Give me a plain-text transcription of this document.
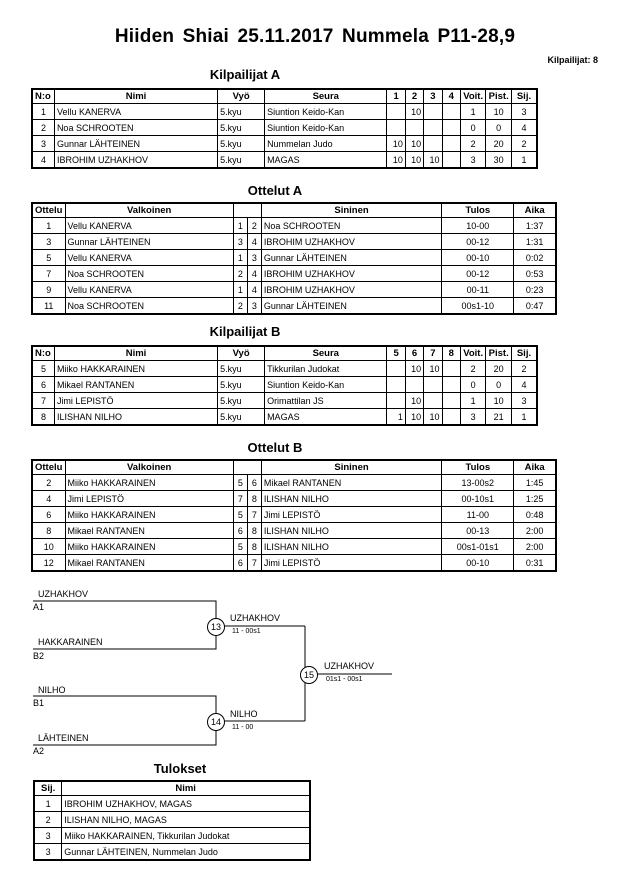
Hiiden Shiai 25.11.2017 Nummela P11-28,9
Kilpailijat: 8
Kilpailijat A
N:o	Nimi	Vyö	Seura	1	2	3	4	Voit.	Pist.	Sij.
1	Vellu KANERVA	5.kyu	Siuntion Keido-Kan		10			1	10	3
2	Noa SCHROOTEN	5.kyu	Siuntion Keido-Kan					0	0	4
3	Gunnar LÄHTEINEN	5.kyu	Nummelan Judo	10	10			2	20	2
4	IBROHIM UZHAKHOV	5.kyu	MAGAS	10	10	10		3	30	1
Ottelut A
Ottelu	Valkoinen			Sininen	Tulos	Aika
1	Vellu KANERVA	1	2	Noa SCHROOTEN	10-00	1:37
3	Gunnar LÄHTEINEN	3	4	IBROHIM UZHAKHOV	00-12	1:31
5	Vellu KANERVA	1	3	Gunnar LÄHTEINEN	00-10	0:02
7	Noa SCHROOTEN	2	4	IBROHIM UZHAKHOV	00-12	0:53
9	Vellu KANERVA	1	4	IBROHIM UZHAKHOV	00-11	0:23
11	Noa SCHROOTEN	2	3	Gunnar LÄHTEINEN	00s1-10	0:47
Kilpailijat B
N:o	Nimi	Vyö	Seura	5	6	7	8	Voit.	Pist.	Sij.
5	Miiko HAKKARAINEN	5.kyu	Tikkurilan Judokat		10	10		2	20	2
6	Mikael RANTANEN	5.kyu	Siuntion Keido-Kan					0	0	4
7	Jimi LEPISTÖ	5.kyu	Orimattilan JS		10			1	10	3
8	ILISHAN NILHO	5.kyu	MAGAS	1	10	10		3	21	1
Ottelut B
Ottelu	Valkoinen			Sininen	Tulos	Aika
2	Miiko HAKKARAINEN	5	6	Mikael RANTANEN	13-00s2	1:45
4	Jimi LEPISTÖ	7	8	ILISHAN NILHO	00-10s1	1:25
6	Miiko HAKKARAINEN	5	7	Jimi LEPISTÖ	11-00	0:48
8	Mikael RANTANEN	6	8	ILISHAN NILHO	00-13	2:00
10	Miiko HAKKARAINEN	5	8	ILISHAN NILHO	00s1-01s1	2:00
12	Mikael RANTANEN	6	7	Jimi LEPISTÖ	00-10	0:31
UZHAKHOV
A1
HAKKARAINEN
B2
13
UZHAKHOV
11 - 00s1
NILHO
B1
LÄHTEINEN
A2
14
NILHO
11 - 00
15
UZHAKHOV
01s1 - 00s1
Tulokset
Sij.	Nimi
1	IBROHIM UZHAKHOV, MAGAS
2	ILISHAN NILHO, MAGAS
3	Miiko HAKKARAINEN, Tikkurilan Judokat
3	Gunnar LÄHTEINEN, Nummelan Judo
